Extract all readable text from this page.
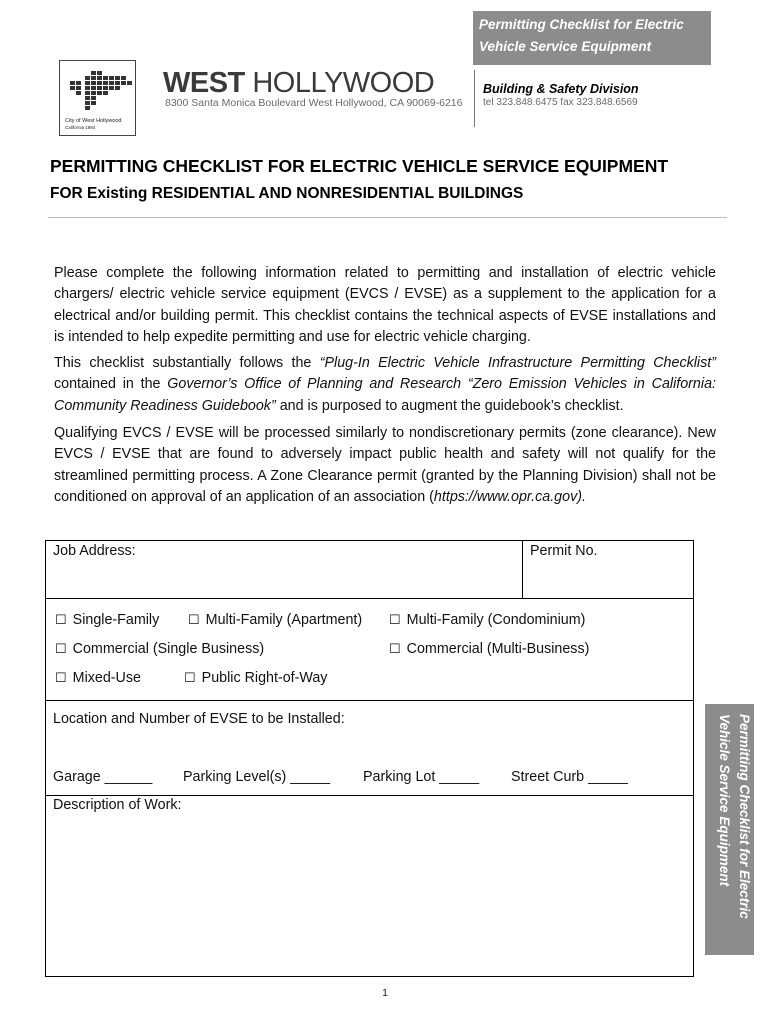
Permitting Checklist for Electric
Vehicle Service Equipment
City of West Hollywood
California 1984
WEST HOLLYWOOD
8300 Santa Monica Boulevard West Hollywood, CA 90069-6216
Building & Safety Division
tel 323.848.6475 fax 323.848.6569
PERMITTING CHECKLIST FOR ELECTRIC VEHICLE SERVICE EQUIPMENT
FOR Existing RESIDENTIAL AND NONRESIDENTIAL BUILDINGS

Please complete the following information related to permitting and installation of electric vehicle chargers/ electric vehicle service equipment (EVCS / EVSE) as a supplement to the application for a electrical and/or building permit. This checklist contains the technical aspects of EVSE installations and is intended to help expedite permitting and use for electric vehicle charging.

This checklist substantially follows the “Plug-In Electric Vehicle Infrastructure Permitting Checklist” contained in the Governor’s Office of Planning and Research “Zero Emission Vehicles in California: Community Readiness Guidebook” and is purposed to augment the guidebook’s checklist.

Qualifying EVCS / EVSE will be processed similarly to nondiscretionary permits (zone clearance). New EVCS / EVSE that are found to adversely impact public health and safety will not qualify for the streamlined permitting process. A Zone Clearance permit (granted by the Planning Division) shall not be conditioned on approval of an application of an association (https://www.opr.ca.gov).

Job Address:	Permit No.
☐ Single-Family ☐ Multi-Family (Apartment) ☐ Multi-Family (Condominium)
☐ Commercial (Single Business)	☐ Commercial (Multi-Business)
☐ Mixed-Use	☐ Public Right-of-Way
Location and Number of EVSE to be Installed:
Garage ______ Parking Level(s) _____ Parking Lot _____ Street Curb _____
Description of Work:	Permitting Checklist for Electric
Vehicle Service Equipment
1
